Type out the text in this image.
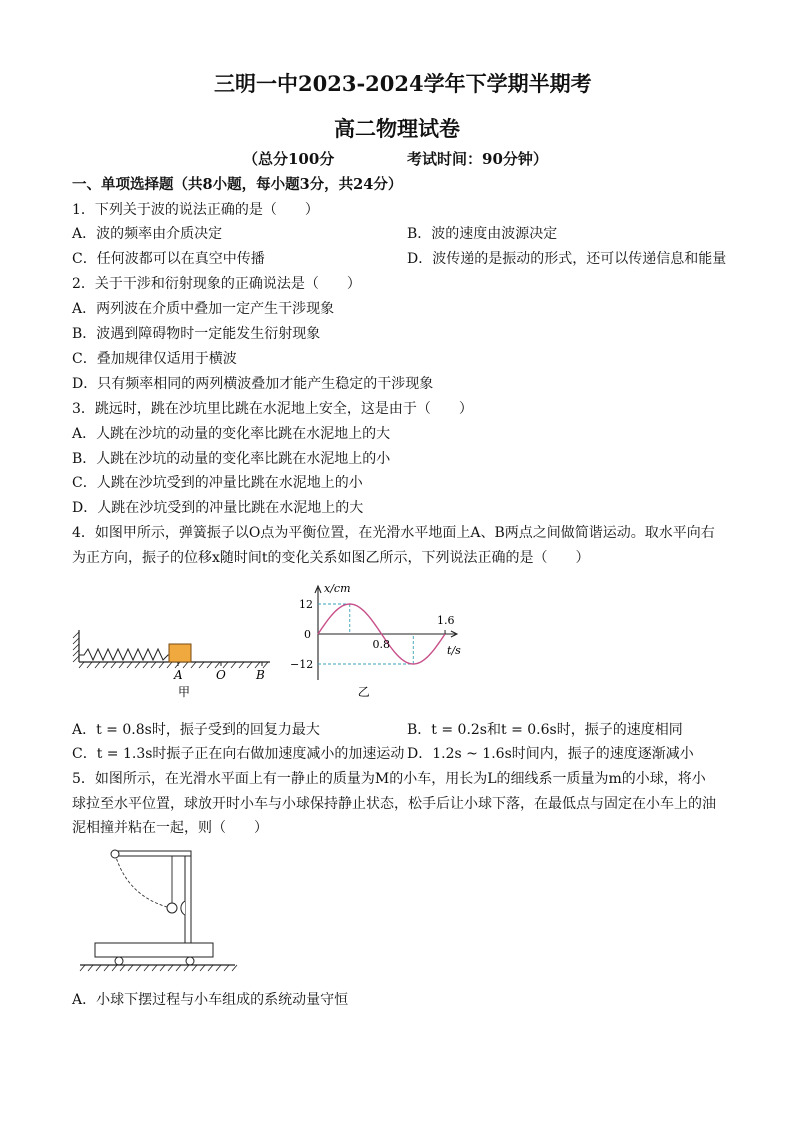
三明一中2023-2024学年下学期半期考
高二物理试卷
（总分100分	考试时间：90分钟）
一、单项选择题（共8小题，每小题3分，共24分）
1．下列关于波的说法正确的是（　　）
A．波的频率由介质决定	B．波的速度由波源决定
C．任何波都可以在真空中传播	D．波传递的是振动的形式，还可以传递信息和能量
2．关于干涉和衍射现象的正确说法是（　　）
A．两列波在介质中叠加一定产生干涉现象
B．波遇到障碍物时一定能发生衍射现象
C．叠加规律仅适用于横波
D．只有频率相同的两列横波叠加才能产生稳定的干涉现象
3．跳远时，跳在沙坑里比跳在水泥地上安全，这是由于（　　）
A．人跳在沙坑的动量的变化率比跳在水泥地上的大
B．人跳在沙坑的动量的变化率比跳在水泥地上的小
C．人跳在沙坑受到的冲量比跳在水泥地上的小
D．人跳在沙坑受到的冲量比跳在水泥地上的大
4．如图甲所示，弹簧振子以O点为平衡位置，在光滑水平地面上A、B两点之间做简谐运动。取水平向右
为正方向，振子的位移x随时间t的变化关系如图乙所示，下列说法正确的是（　　）
A	O	B
甲
x/cm
t/s
0
12
−12
0.8
1.6
乙
A．t = 0.8s时，振子受到的回复力最大	B．t = 0.2s和t = 0.6s时，振子的速度相同
C．t = 1.3s时振子正在向右做加速度减小的加速运动 D．1.2s ~ 1.6s时间内，振子的速度逐渐减小
5．如图所示，在光滑水平面上有一静止的质量为M的小车，用长为L的细线系一质量为m的小球，将小
球拉至水平位置，球放开时小车与小球保持静止状态，松手后让小球下落，在最低点与固定在小车上的油
泥相撞并粘在一起，则（　　）
A．小球下摆过程与小车组成的系统动量守恒
